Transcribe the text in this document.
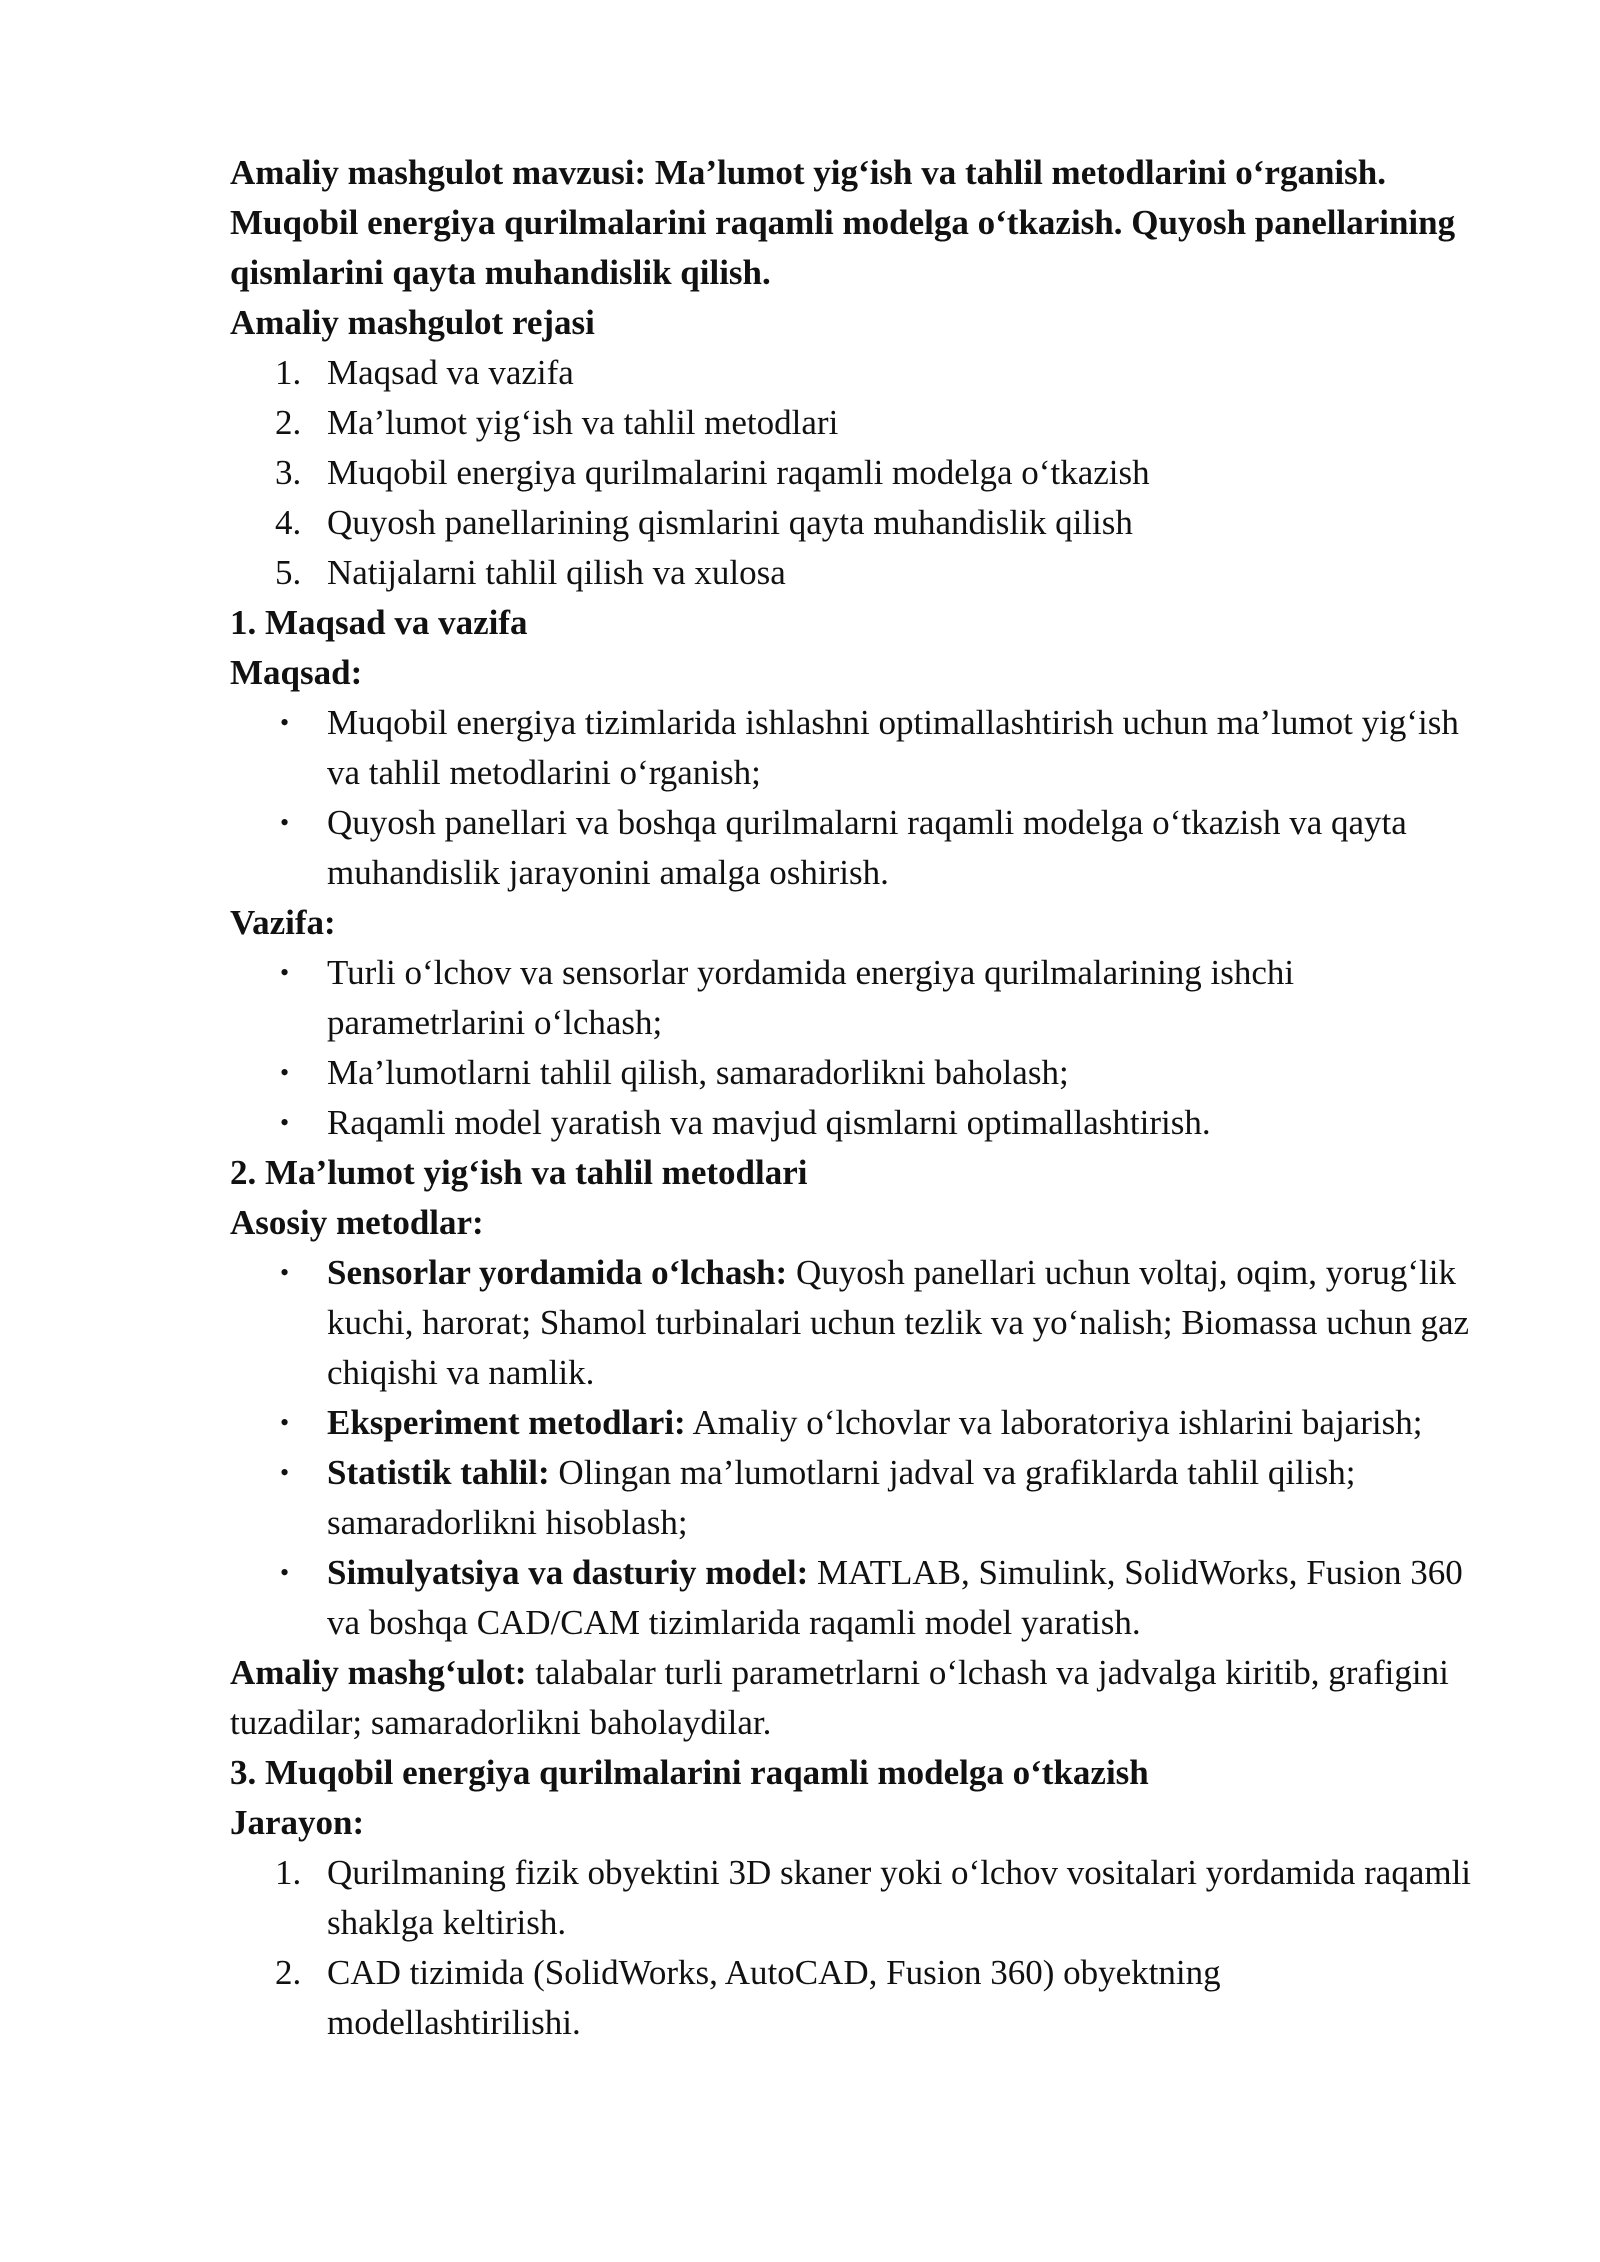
Amaliy mashgulot mavzusi: Ma’lumot yig‘ish va tahlil metodlarini o‘rganish. Muqobil energiya qurilmalarini raqamli modelga o‘tkazish. Quyosh panellarining qismlarini qayta muhandislik qilish.

Amaliy mashgulot rejasi

1. Maqsad va vazifa
2. Ma’lumot yig‘ish va tahlil metodlari
3. Muqobil energiya qurilmalarini raqamli modelga o‘tkazish
4. Quyosh panellarining qismlarini qayta muhandislik qilish
5. Natijalarni tahlil qilish va xulosa

1. Maqsad va vazifa

Maqsad:

• Muqobil energiya tizimlarida ishlashni optimallashtirish uchun ma’lumot yig‘ish va tahlil metodlarini o‘rganish;
• Quyosh panellari va boshqa qurilmalarni raqamli modelga o‘tkazish va qayta muhandislik jarayonini amalga oshirish.

Vazifa:

• Turli o‘lchov va sensorlar yordamida energiya qurilmalarining ishchi parametrlarini o‘lchash;
• Ma’lumotlarni tahlil qilish, samaradorlikni baholash;
• Raqamli model yaratish va mavjud qismlarni optimallashtirish.

2. Ma’lumot yig‘ish va tahlil metodlari

Asosiy metodlar:

• Sensorlar yordamida o‘lchash: Quyosh panellari uchun voltaj, oqim, yorug‘lik kuchi, harorat; Shamol turbinalari uchun tezlik va yo‘nalish; Biomassa uchun gaz chiqishi va namlik.
• Eksperiment metodlari: Amaliy o‘lchovlar va laboratoriya ishlarini bajarish;
• Statistik tahlil: Olingan ma’lumotlarni jadval va grafiklarda tahlil qilish; samaradorlikni hisoblash;
• Simulyatsiya va dasturiy model: MATLAB, Simulink, SolidWorks, Fusion 360 va boshqa CAD/CAM tizimlarida raqamli model yaratish.

Amaliy mashg‘ulot: talabalar turli parametrlarni o‘lchash va jadvalga kiritib, grafigini tuzadilar; samaradorlikni baholaydilar.

3. Muqobil energiya qurilmalarini raqamli modelga o‘tkazish

Jarayon:

1. Qurilmaning fizik obyektini 3D skaner yoki o‘lchov vositalari yordamida raqamli shaklga keltirish.
2. CAD tizimida (SolidWorks, AutoCAD, Fusion 360) obyektning modellashtirilishi.
